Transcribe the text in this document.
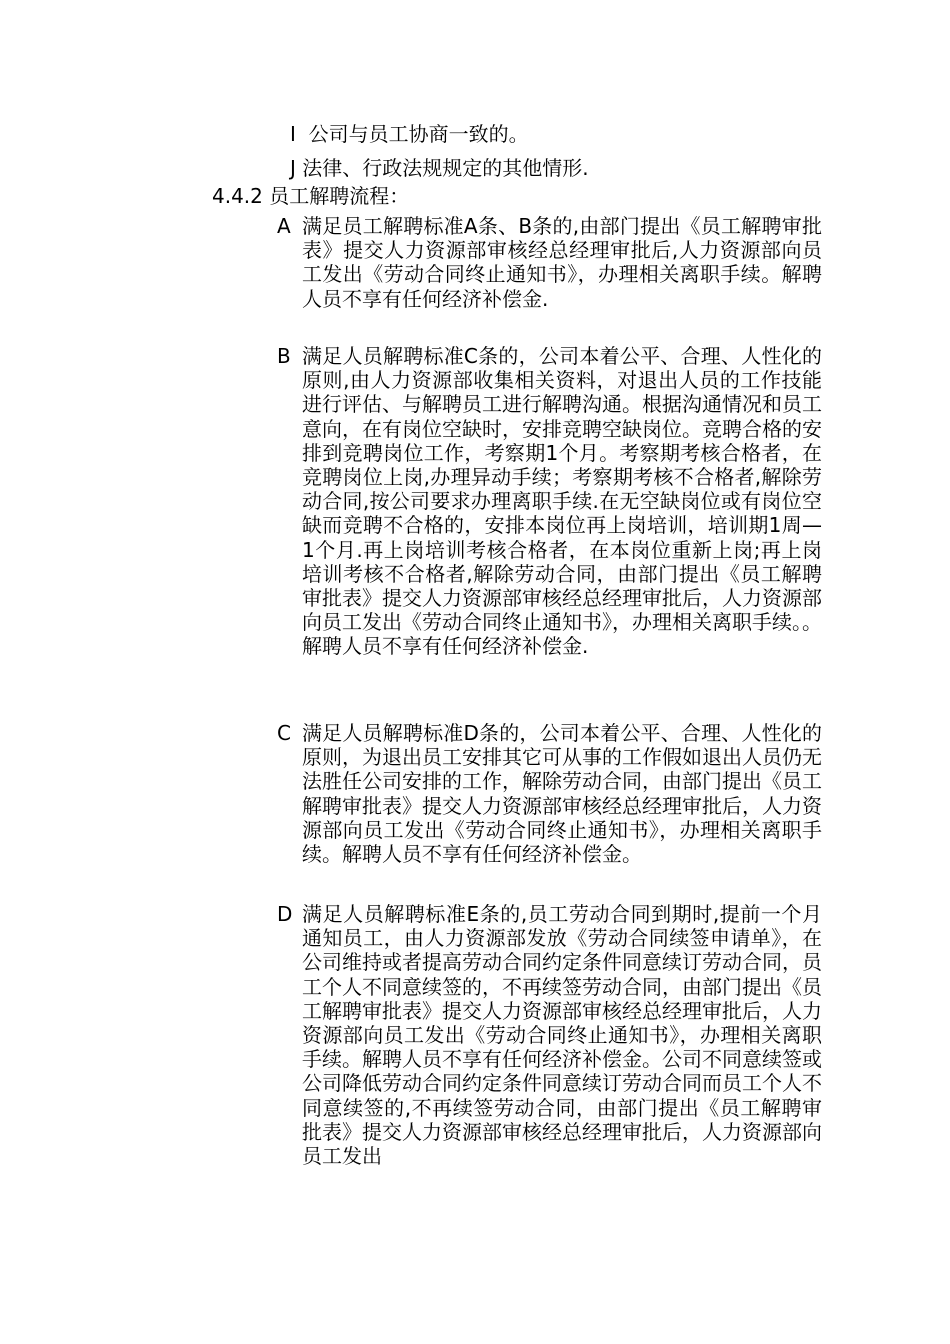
I 公司与员工协商一致的。
J 法律、行政法规规定的其他情形.
4.4.2 员工解聘流程：
A 满足员工解聘标准A条、B条的,由部门提出《员工解聘审批表》提交人力资源部审核经总经理审批后,人力资源部向员工发出《劳动合同终止通知书》，办理相关离职手续。解聘人员不享有任何经济补偿金.
B 满足人员解聘标准C条的，公司本着公平、合理、人性化的原则,由人力资源部收集相关资料，对退出人员的工作技能进行评估、与解聘员工进行解聘沟通。根据沟通情况和员工意向，在有岗位空缺时，安排竞聘空缺岗位。竞聘合格的安排到竞聘岗位工作，考察期1个月。考察期考核合格者，在竞聘岗位上岗,办理异动手续；考察期考核不合格者,解除劳动合同,按公司要求办理离职手续.在无空缺岗位或有岗位空缺而竞聘不合格的，安排本岗位再上岗培训，培训期1周—1个月.再上岗培训考核合格者，在本岗位重新上岗;再上岗培训考核不合格者,解除劳动合同，由部门提出《员工解聘审批表》提交人力资源部审核经总经理审批后，人力资源部向员工发出《劳动合同终止通知书》，办理相关离职手续。。解聘人员不享有任何经济补偿金.
C 满足人员解聘标准D条的，公司本着公平、合理、人性化的原则，为退出员工安排其它可从事的工作假如退出人员仍无法胜任公司安排的工作，解除劳动合同，由部门提出《员工解聘审批表》提交人力资源部审核经总经理审批后，人力资源部向员工发出《劳动合同终止通知书》，办理相关离职手续。解聘人员不享有任何经济补偿金。
D 满足人员解聘标准E条的,员工劳动合同到期时,提前一个月通知员工，由人力资源部发放《劳动合同续签申请单》，在公司维持或者提高劳动合同约定条件同意续订劳动合同，员工个人不同意续签的，不再续签劳动合同，由部门提出《员工解聘审批表》提交人力资源部审核经总经理审批后，人力资源部向员工发出《劳动合同终止通知书》，办理相关离职手续。解聘人员不享有任何经济补偿金。公司不同意续签或公司降低劳动合同约定条件同意续订劳动合同而员工个人不同意续签的,不再续签劳动合同，由部门提出《员工解聘审批表》提交人力资源部审核经总经理审批后，人力资源部向员工发出
